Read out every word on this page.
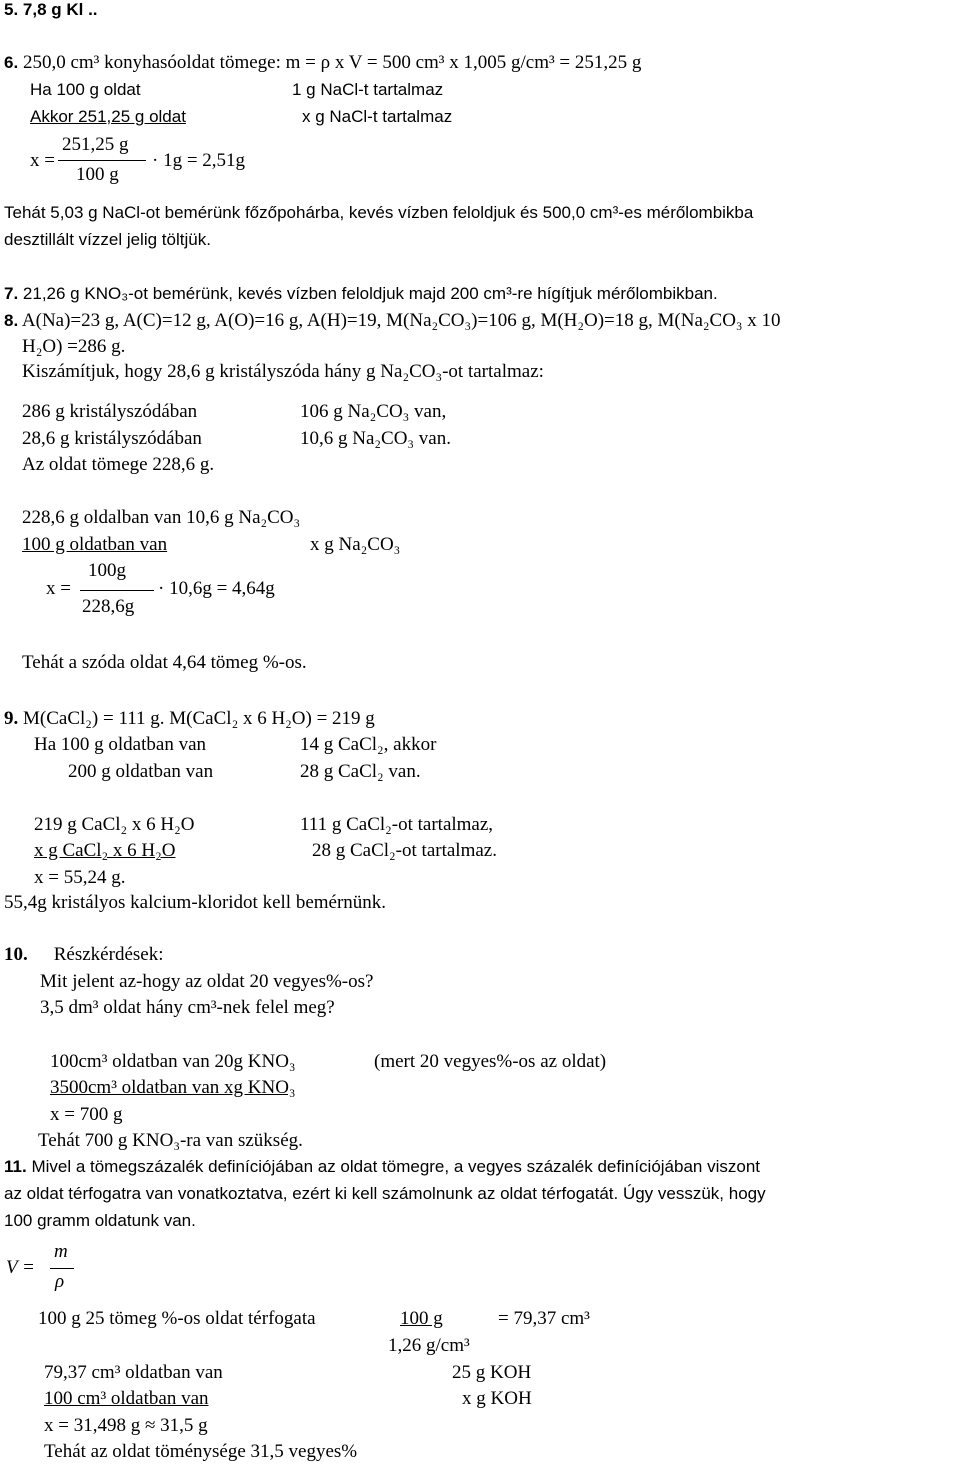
5. 7,8 g Kl ..
6. 250,0 cm³ konyhasóoldat tömege: m = ρ x V = 500 cm³ x 1,005 g/cm³ = 251,25 g
Ha 100 g oldat	1 g NaCl-t tartalmaz
Akkor 251,25 g oldat	x g NaCl-t tartalmaz
x =
251,25 g
100 g
· 1g = 2,51g
Tehát 5,03 g NaCl-ot bemérünk főzőpohárba, kevés vízben feloldjuk és 500,0 cm³-es mérőlombikba
desztillált vízzel jelig töltjük.
7. 21,26 g KNO₃-ot bemérünk, kevés vízben feloldjuk majd 200 cm³-re hígítjuk mérőlombikban.
8. A(Na)=23 g, A(C)=12 g, A(O)=16 g, A(H)=19, M(Na₂CO₃)=106 g, M(H₂O)=18 g, M(Na₂CO₃ x 10
H₂O) =286 g.
Kiszámítjuk, hogy 28,6 g kristályszóda hány g Na₂CO₃-ot tartalmaz:
286 g kristályszódában	106 g Na₂CO₃ van,
28,6 g kristályszódában	10,6 g Na₂CO₃ van.
Az oldat tömege 228,6 g.
228,6 g oldalban van 10,6 g Na₂CO₃
100 g oldatban van	x g Na₂CO₃
x =
100g
228,6g
· 10,6g = 4,64g
Tehát a szóda oldat 4,64 tömeg %-os.
9. M(CaCl₂) = 111 g. M(CaCl₂ x 6 H₂O) = 219 g
Ha 100 g oldatban van	14 g CaCl₂, akkor
200 g oldatban van	28 g CaCl₂ van.
219 g CaCl₂ x 6 H₂O	111 g CaCl₂-ot tartalmaz,
x g CaCl₂ x 6 H₂O	28 g CaCl₂-ot tartalmaz.
x = 55,24 g.
55,4g kristályos kalcium-kloridot kell bemérnünk.
10. Részkérdések:
Mit jelent az-hogy az oldat 20 vegyes%-os?
3,5 dm³ oldat hány cm³-nek felel meg?
100cm³ oldatban van 20g KNO₃	(mert 20 vegyes%-os az oldat)
3500cm³ oldatban van xg KNO₃
x = 700 g
Tehát 700 g KNO₃-ra van szükség.
11. Mivel a tömegszázalék definíciójában az oldat tömegre, a vegyes százalék definíciójában viszont
az oldat térfogatra van vonatkoztatva, ezért ki kell számolnunk az oldat térfogatát. Úgy vesszük, hogy
100 gramm oldatunk van.
V =
m
ρ
100 g 25 tömeg %-os oldat térfogata	100 g	= 79,37 cm³
1,26 g/cm³
79,37 cm³ oldatban van	25 g KOH
100 cm³ oldatban van	x g KOH
x = 31,498 g ≈ 31,5 g
Tehát az oldat töménysége 31,5 vegyes%
